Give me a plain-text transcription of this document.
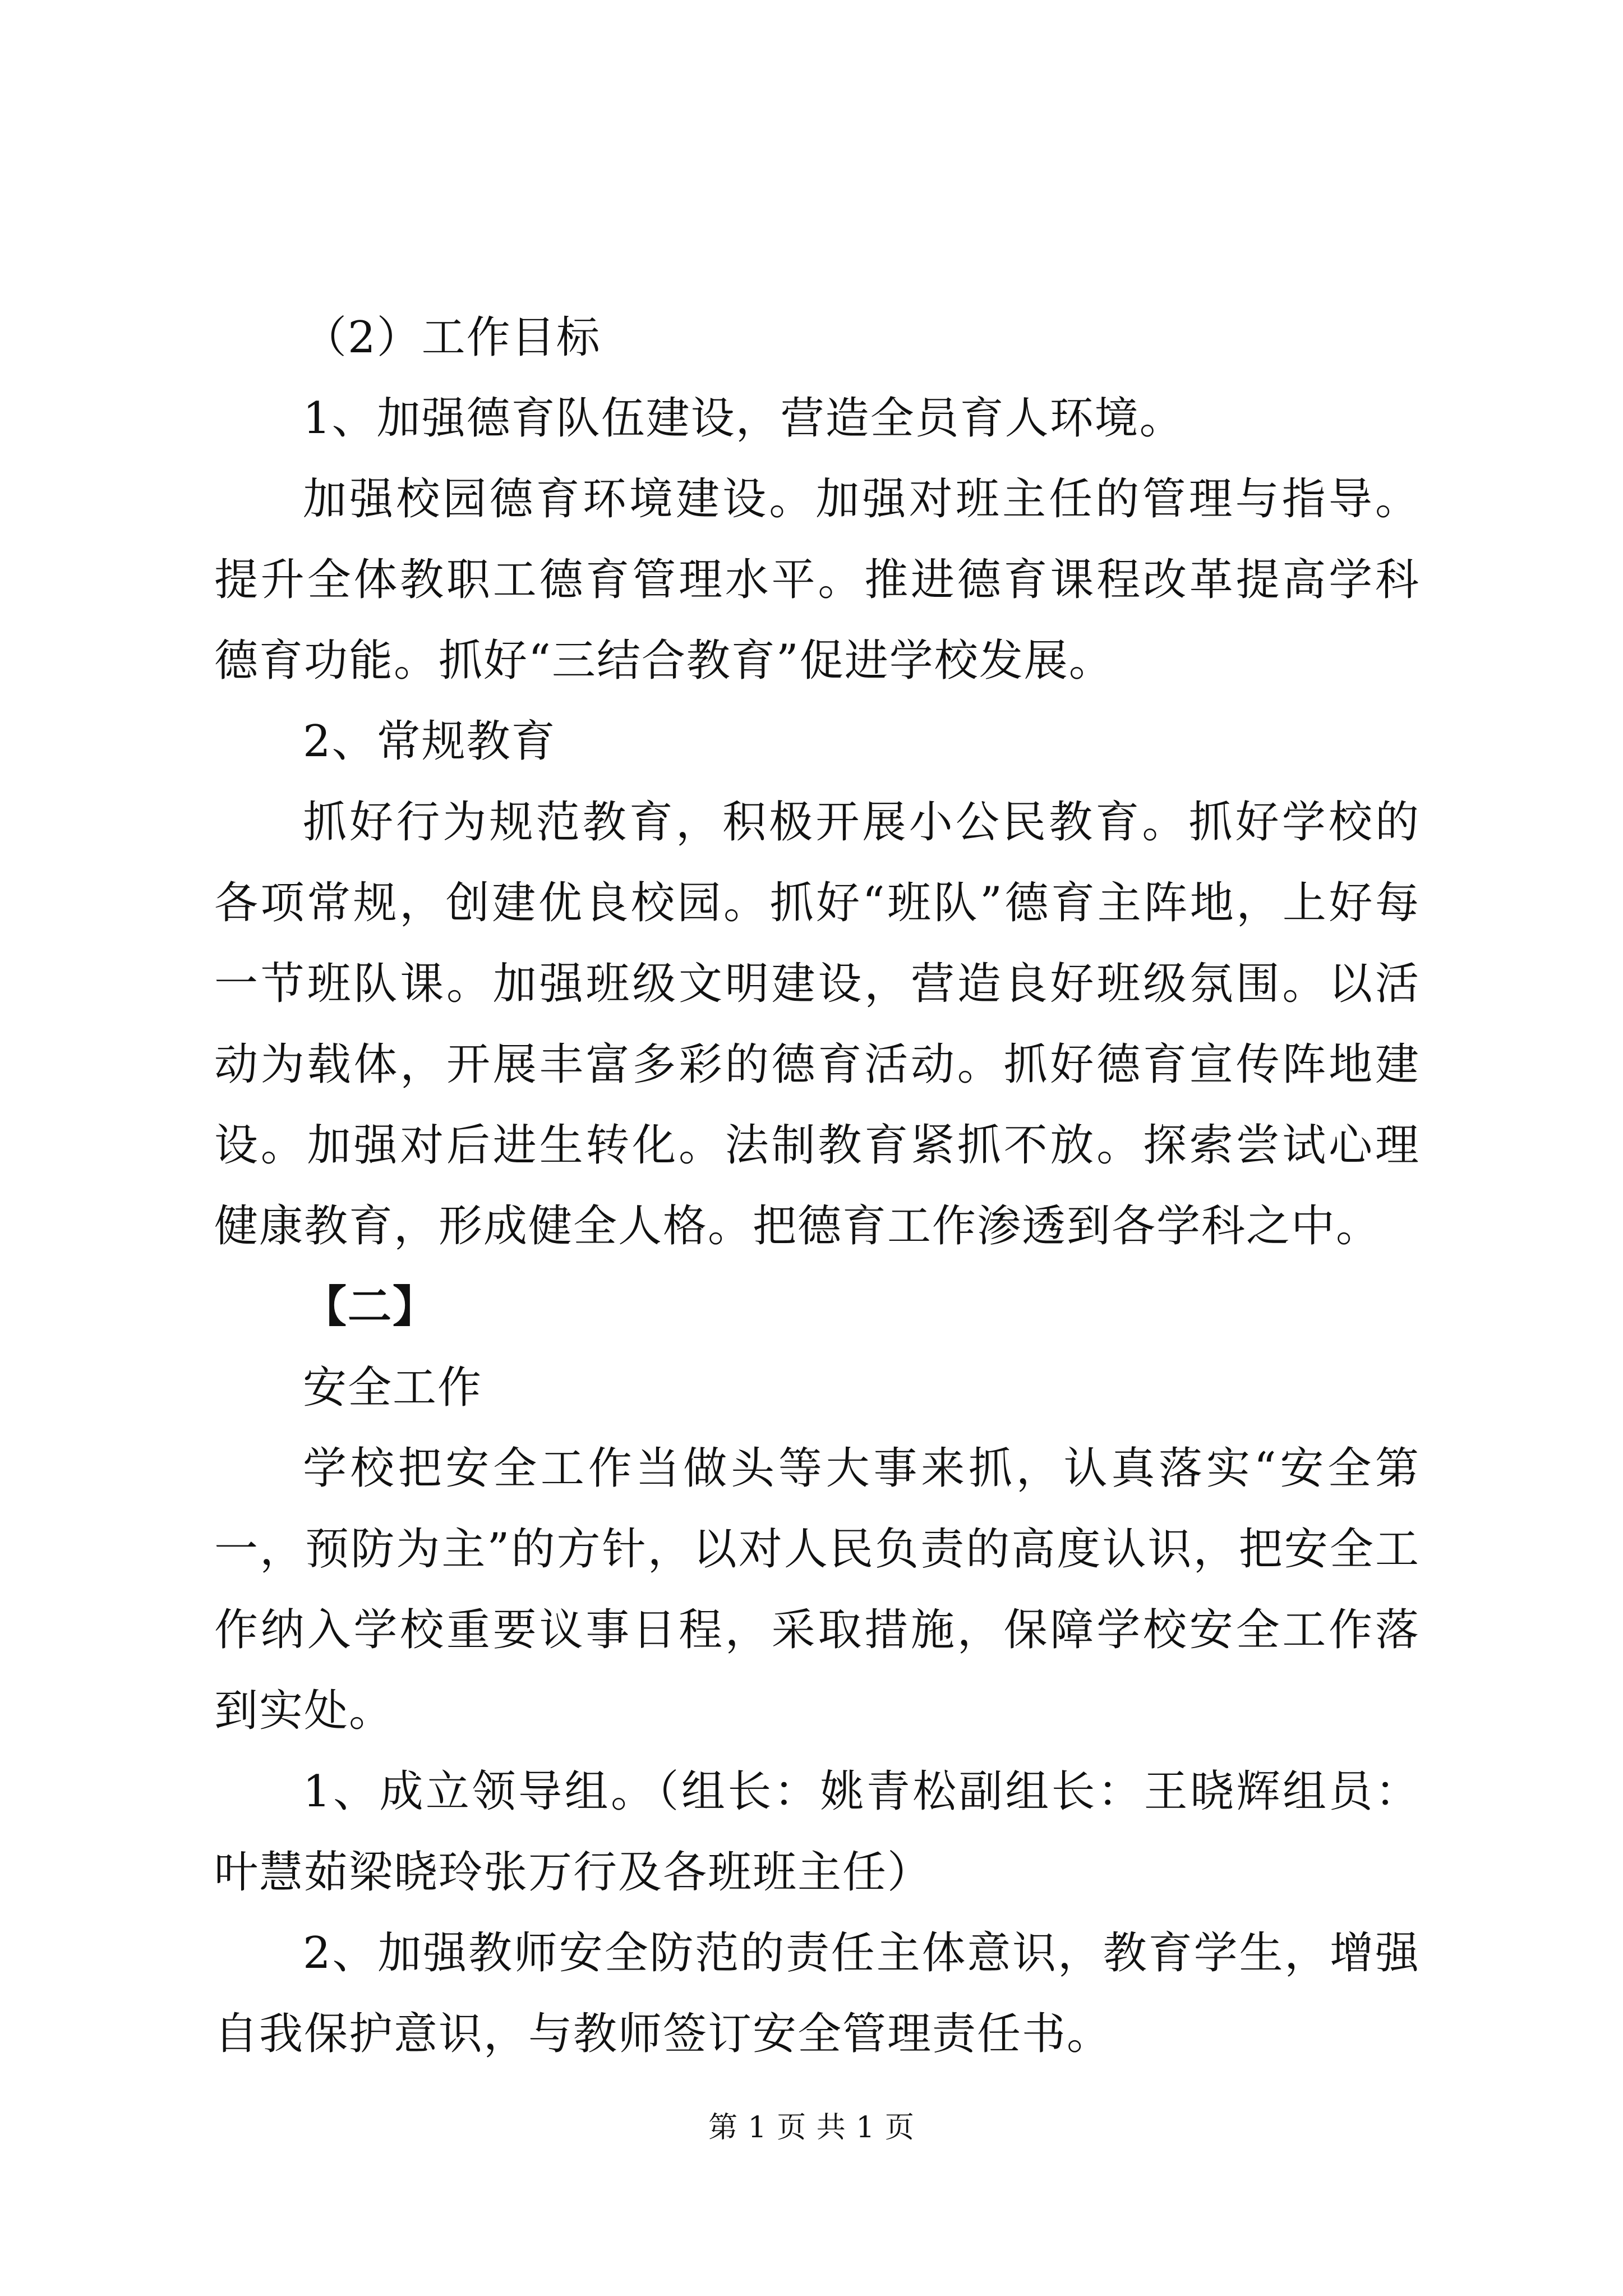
（2）工作目标

1、加强德育队伍建设，营造全员育人环境。

加强校园德育环境建设。加强对班主任的管理与指导。提升全体教职工德育管理水平。推进德育课程改革提高学科德育功能。抓好“三结合教育”促进学校发展。

2、常规教育

抓好行为规范教育，积极开展小公民教育。抓好学校的各项常规，创建优良校园。抓好“班队”德育主阵地，上好每一节班队课。加强班级文明建设，营造良好班级氛围。以活动为载体，开展丰富多彩的德育活动。抓好德育宣传阵地建设。加强对后进生转化。法制教育紧抓不放。探索尝试心理健康教育，形成健全人格。把德育工作渗透到各学科之中。

【二】

安全工作

学校把安全工作当做头等大事来抓，认真落实“安全第一，预防为主”的方针，以对人民负责的高度认识，把安全工作纳入学校重要议事日程，采取措施，保障学校安全工作落到实处。

1、成立领导组。（组长：姚青松副组长：王晓辉组员：叶慧茹梁晓玲张万行及各班班主任）

2、加强教师安全防范的责任主体意识，教育学生，增强自我保护意识，与教师签订安全管理责任书。

第 1 页 共 1 页
